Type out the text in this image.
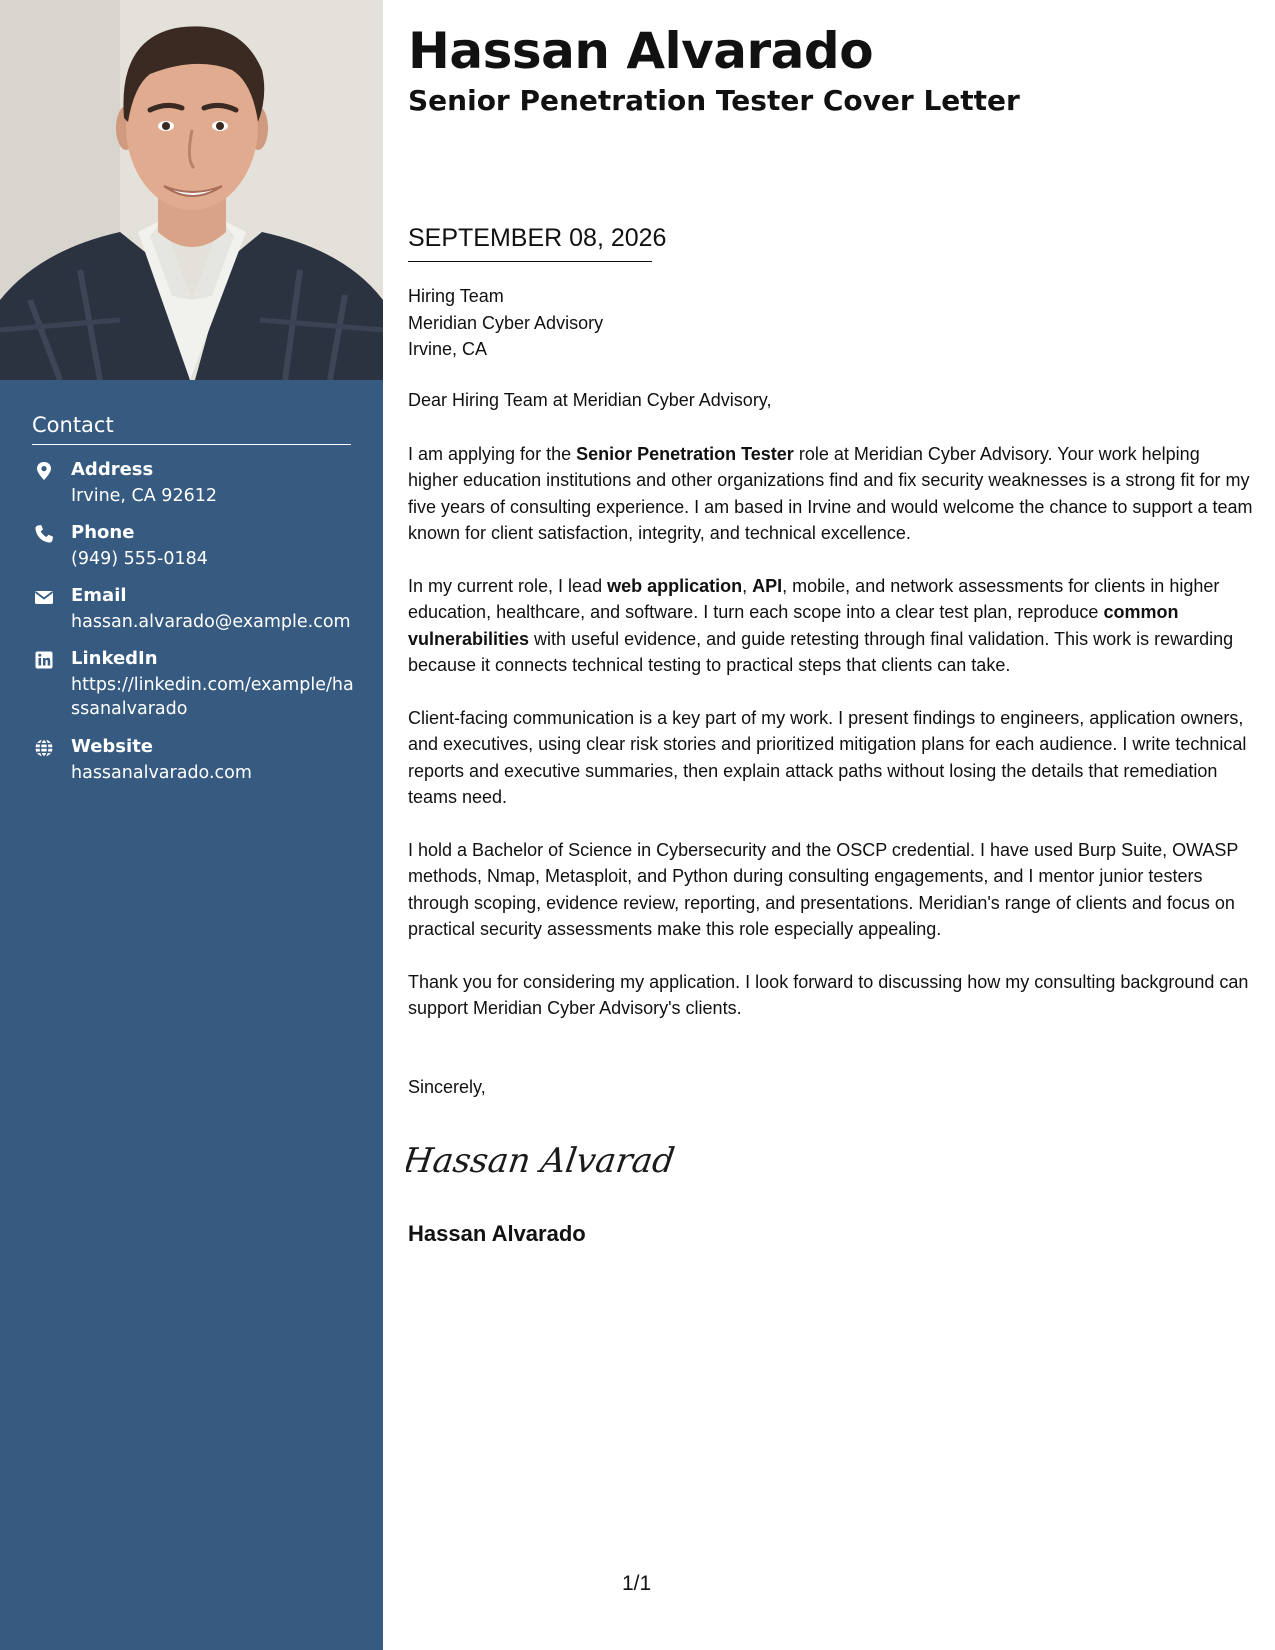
Contact
Address
Irvine, CA 92612
Phone
(949) 555-0184
Email
hassan.alvarado@example.com
LinkedIn
https://linkedin.com/example/hassanalvarado
Website
hassanalvarado.com
Hassan Alvarado
Senior Penetration Tester Cover Letter
SEPTEMBER 08, 2026
Hiring Team
Meridian Cyber Advisory
Irvine, CA
Dear Hiring Team at Meridian Cyber Advisory,

I am applying for the Senior Penetration Tester role at Meridian Cyber Advisory. Your work helping higher education institutions and other organizations find and fix security weaknesses is a strong fit for my five years of consulting experience. I am based in Irvine and would welcome the chance to support a team known for client satisfaction, integrity, and technical excellence.

In my current role, I lead web application, API, mobile, and network assessments for clients in higher education, healthcare, and software. I turn each scope into a clear test plan, reproduce common vulnerabilities with useful evidence, and guide retesting through final validation. This work is rewarding because it connects technical testing to practical steps that clients can take.

Client-facing communication is a key part of my work. I present findings to engineers, application owners, and executives, using clear risk stories and prioritized mitigation plans for each audience. I write technical reports and executive summaries, then explain attack paths without losing the details that remediation teams need.

I hold a Bachelor of Science in Cybersecurity and the OSCP credential. I have used Burp Suite, OWASP methods, Nmap, Metasploit, and Python during consulting engagements, and I mentor junior testers through scoping, evidence review, reporting, and presentations. Meridian's range of clients and focus on practical security assessments make this role especially appealing.

Thank you for considering my application. I look forward to discussing how my consulting background can support Meridian Cyber Advisory's clients.

Sincerely,
Hassan Alvarad
Hassan Alvarado
1/1
